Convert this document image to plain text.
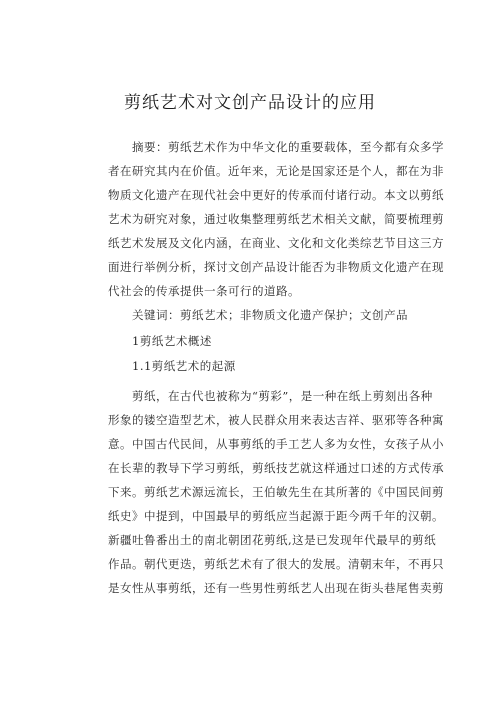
剪纸艺术对文创产品设计的应用
摘要：剪纸艺术作为中华文化的重要载体，至今都有众多学
者在研究其内在价值。近年来，无论是国家还是个人，都在为非
物质文化遗产在现代社会中更好的传承而付诸行动。本文以剪纸
艺术为研究对象，通过收集整理剪纸艺术相关文献，简要梳理剪
纸艺术发展及文化内涵，在商业、文化和文化类综艺节目这三方
面进行举例分析，探讨文创产品设计能否为非物质文化遗产在现
代社会的传承提供一条可行的道路。
关键词：剪纸艺术；非物质文化遗产保护；文创产品
1剪纸艺术概述
1.1剪纸艺术的起源
剪纸，在古代也被称为“剪彩”，是一种在纸上剪刻出各种
形象的镂空造型艺术，被人民群众用来表达吉祥、驱邪等各种寓
意。中国古代民间，从事剪纸的手工艺人多为女性，女孩子从小
在长辈的教导下学习剪纸，剪纸技艺就这样通过口述的方式传承
下来。剪纸艺术源远流长，王伯敏先生在其所著的《中国民间剪
纸史》中提到，中国最早的剪纸应当起源于距今两千年的汉朝。
新疆吐鲁番出土的南北朝团花剪纸,这是已发现年代最早的剪纸
作品。朝代更迭，剪纸艺术有了很大的发展。清朝末年，不再只
是女性从事剪纸，还有一些男性剪纸艺人出现在街头巷尾售卖剪
